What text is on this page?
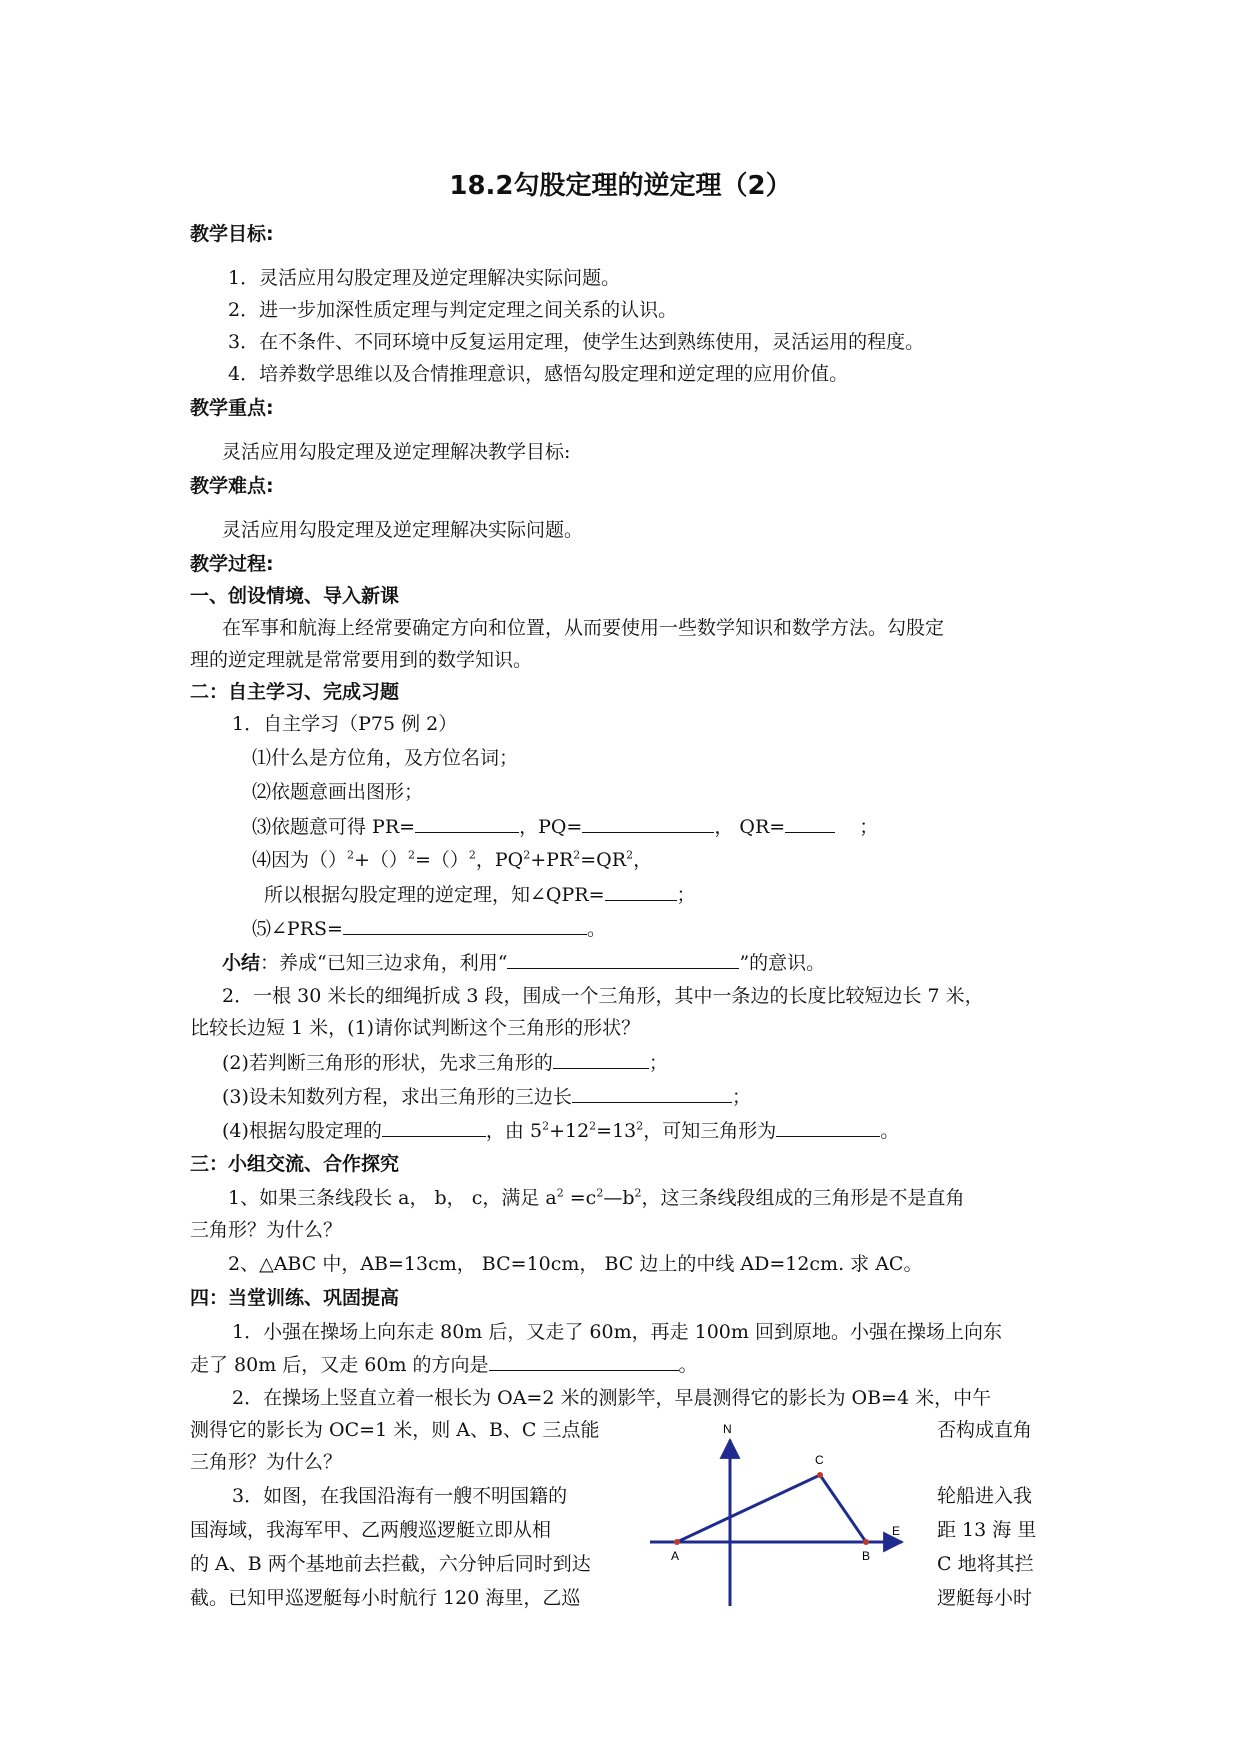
18.2勾股定理的逆定理（2）
教学目标:
1．灵活应用勾股定理及逆定理解决实际问题。
2．进一步加深性质定理与判定定理之间关系的认识。
3．在不条件、不同环境中反复运用定理，使学生达到熟练使用，灵活运用的程度。
4．培养数学思维以及合情推理意识，感悟勾股定理和逆定理的应用价值。
教学重点:
灵活应用勾股定理及逆定理解决教学目标:
教学难点:
灵活应用勾股定理及逆定理解决实际问题。
教学过程:
一、创设情境、导入新课
在军事和航海上经常要确定方向和位置，从而要使用一些数学知识和数学方法。勾股定
理的逆定理就是常常要用到的数学知识。
二：自主学习、完成习题
1．自主学习（P75 例 2）
⑴什么是方位角，及方位名词；
⑵依题意画出图形；
⑶依题意可得 PR=	，PQ=	， QR=	；
⑷因为（）$^2$+（）$^2$=（）$^2$，$PQ^2+PR^2=QR^2$，
所以根据勾股定理的逆定理，知∠QPR=	；
⑸∠PRS=	。
小结：养成“已知三边求角，利用“	”的意识。
2．一根 30 米长的细绳折成 3 段，围成一个三角形，其中一条边的长度比较短边长 7 米，
比较长边短 1 米，(1)请你试判断这个三角形的形状？
(2)若判断三角形的形状，先求三角形的	；
(3)设未知数列方程，求出三角形的三边长	；
(4)根据勾股定理的	，由 $5^2+12^2=13^2$，可知三角形为	。
三：小组交流、合作探究
1、如果三条线段长 a， b， c，满足 $a^2$ $=c^2—b^2$，这三条线段组成的三角形是不是直角
三角形？为什么？
2、△ABC 中，AB=13cm， BC=10cm， BC 边上的中线 AD=12cm. 求 AC。
四：当堂训练、巩固提高
1．小强在操场上向东走 80m 后，又走了 60m，再走 100m 回到原地。小强在操场上向东
走了 80m 后，又走 60m 的方向是	。
2．在操场上竖直立着一根长为 OA=2 米的测影竿，早晨测得它的影长为 OB=4 米，中午
测得它的影长为 OC=1 米，则 A、B、C 三点能	否构成直角
三角形？为什么？
3．如图，在我国沿海有一艘不明国籍的	轮船进入我
国海域，我海军甲、乙两艘巡逻艇立即从相	距 13 海 里
的 A、B 两个基地前去拦截，六分钟后同时到达	C 地将其拦
截。已知甲巡逻艇每小时航行 120 海里，乙巡	逻艇每小时
N
E
A	B
C
